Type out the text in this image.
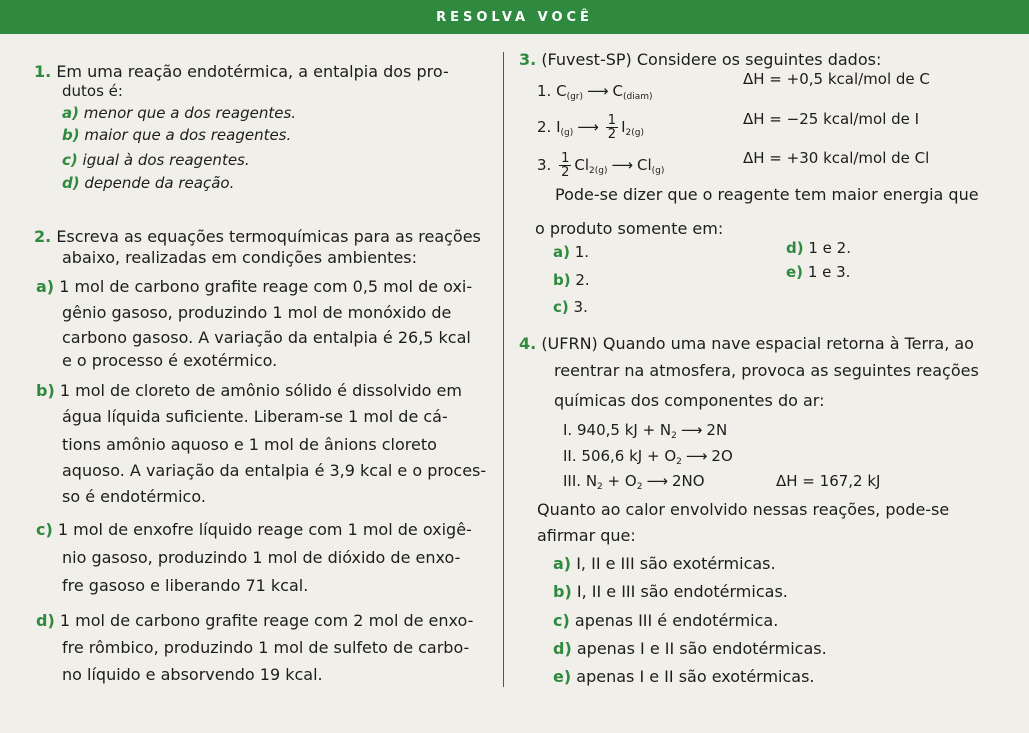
RESOLVA VOCÊ
1. Em uma reação endotérmica, a entalpia dos pro-
dutos é:
a) menor que a dos reagentes.
b) maior que a dos reagentes.
c) igual à dos reagentes.
d) depende da reação.
2. Escreva as equações termoquímicas para as reações
abaixo, realizadas em condições ambientes:
a) 1 mol de carbono grafite reage com 0,5 mol de oxi-
gênio gasoso, produzindo 1 mol de monóxido de
carbono gasoso. A variação da entalpia é 26,5 kcal
e o processo é exotérmico.
b) 1 mol de cloreto de amônio sólido é dissolvido em
água líquida suficiente. Liberam-se 1 mol de cá-
tions amônio aquoso e 1 mol de ânions cloreto
aquoso. A variação da entalpia é 3,9 kcal e o proces-
so é endotérmico.
c) 1 mol de enxofre líquido reage com 1 mol de oxigê-
nio gasoso, produzindo 1 mol de dióxido de enxo-
fre gasoso e liberando 71 kcal.
d) 1 mol de carbono grafite reage com 2 mol de enxo-
fre rômbico, produzindo 1 mol de sulfeto de carbo-
no líquido e absorvendo 19 kcal.
3. (Fuvest-SP) Considere os seguintes dados:
1. $C_{(gr)}$ ⟶ $C_{(diam)}$
ΔH = +0,5 kcal/mol de C
2. $I_{(g)}$ ⟶ $\frac{1}{2} I_{2(g)}$
ΔH = −25 kcal/mol de I
3. $\frac{1}{2} Cl_{2(g)}$ ⟶ $Cl_{(g)}$
ΔH = +30 kcal/mol de Cl
Pode-se dizer que o reagente tem maior energia que
o produto somente em:
a) 1.
b) 2.
c) 3.
d) 1 e 2.
e) 1 e 3.
4. (UFRN) Quando uma nave espacial retorna à Terra, ao
reentrar na atmosfera, provoca as seguintes reações
químicas dos componentes do ar:
I. 940,5 kJ + $N_2$ ⟶ 2N
II. 506,6 kJ + $O_2$ ⟶ 2O
III. $N_2 + O_2$ ⟶ 2NO	ΔH = 167,2 kJ
Quanto ao calor envolvido nessas reações, pode-se
afirmar que:
a) I, II e III são exotérmicas.
b) I, II e III são endotérmicas.
c) apenas III é endotérmica.
d) apenas I e II são endotérmicas.
e) apenas I e II são exotérmicas.
